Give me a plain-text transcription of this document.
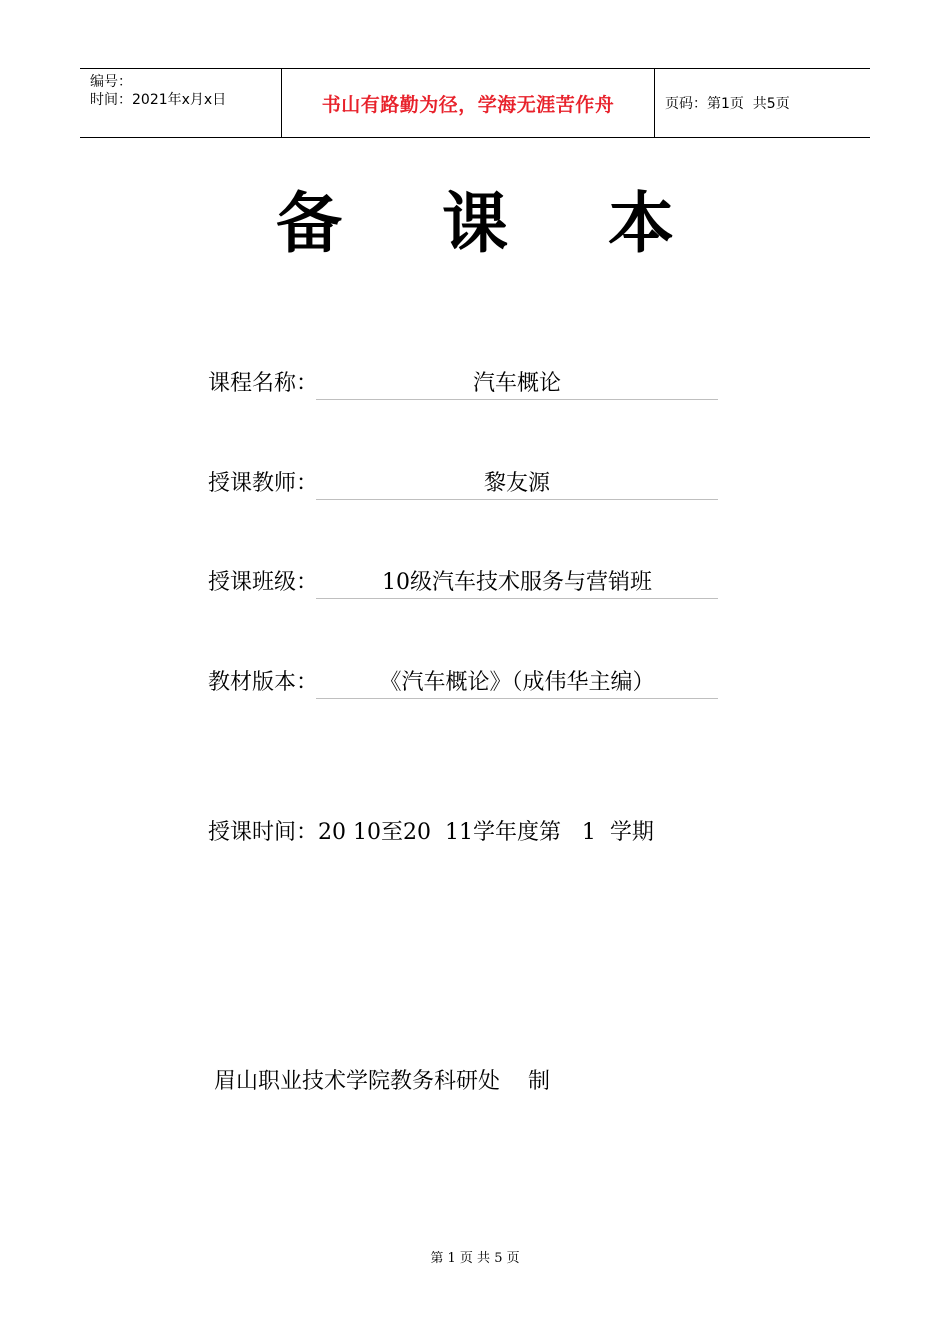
编号：
时间：2021年x月x日	书山有路勤为径，学海无涯苦作舟	页码：第1页  共5页
备 课 本
课程名称：	汽车概论
授课教师：	黎友源
授课班级：	10级汽车技术服务与营销班
教材版本：	《汽车概论》（成伟华主编）
授课时间：20 10至20  11学年度第   1  学期
眉山职业技术学院教务科研处    制
第 1 页 共 5 页
